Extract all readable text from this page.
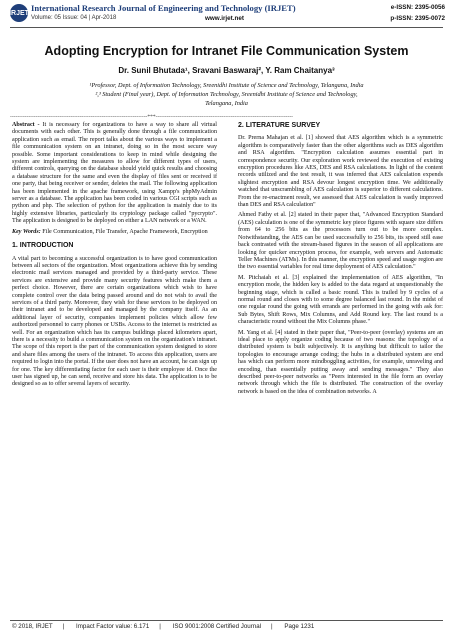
IRJET International Research Journal of Engineering and Technology (IRJET)
Volume: 05 Issue: 04 | Apr-2018	www.irjet.net
e-ISSN: 2395-0056
p-ISSN: 2395-0072
Adopting Encryption for Intranet File Communication System
Dr. Sunil Bhutada¹, Sravani Baswaraj², Y. Ram Chaitanya³
¹Professor, Dept. of Information Technology, Sreenidhi Institute of Science and Technology, Telangana, India
²,³ Student (Final year), Dept. of Information Technology, Sreenidhi Institute of Science and Technology,
Telangana, India
---------------------------------------------------------------------------***---------------------------------------------------------------------------

Abstract - It is necessary for organizations to have a way to share all virtual documents with each other. This is generally done through a file communication application such as email. The report talks about the various ways to implement a file communication system on an intranet, doing so in the most secure way possible. Some important considerations to keep in mind while designing the system are implementing the measures to allow for different types of users, different controls, querying on the database should yield quick results and choosing a database structure for the same and even the display of files sent or received if one party, that being receiver or sender, deletes the mail. The following application has been implemented in the apache framework, using Xampp's phpMyAdmin server as a database. The application has been coded in various CGI scripts such as python and php. The selection of python for the application is mainly due to its highly extensive libraries, particularly its cryptology package called "pycrypto". The application is designed to be deployed on either a LAN network or a WAN.

Key Words: File Communication, File Transfer, Apache Framework, Encryption

1. INTRODUCTION

A vital part to becoming a successful organization is to have good communication between all sectors of the organization. Most organizations achieve this by sending electronic mail services managed and provided by a third-party service. These services are extensive and provide many security features which make them a perfect choice. However, there are certain organizations which wish to have complete control over the data being passed around and do not wish to avail the services of a third party. Moreover, they wish for these services to be deployed on their intranet and to be developed and managed by the company itself. As an additional layer of security, companies implement policies which allow few authorized personnel to carry phones or USBs. Access to the internet is restricted as well. For an organization which has its campus buildings placed kilometers apart, there is a necessity to build a communication system on the organization's intranet. The scope of this report is the part of the communication system designed to store and share files among the users of the intranet. To access this application, users are required to login into the portal. If the user does not have an account, he can sign up for one. The key differentiating factor for each user is their employee id. Once the user has signed up, he can send, receive and store his data. The application is to be designed so as to offer several layers of security.

2. LITERATURE SURVEY

Dr. Prerna Mahajan et al. [1] showed that AES algorithm which is a symmetric algorithm is comparatively faster than the other algorithms such as DES algorithm and RSA algorithm. "Encryption calculation assumes essential part in correspondence security. Our exploration work reviewed the execution of existing encryption procedures like AES, DES and RSA calculations. In light of the content records utilized and the test result, it was inferred that AES calculation expends slightest encryption and RSA devour longest encryption time. We additionally watched that unscrambling of AES calculation is superior to different calculations. From the re-enactment result, we assessed that AES calculation is vastly improved than DES and RSA calculation"

Ahmed Fathy et al. [2] stated in their paper that, "Advanced Encryption Standard (AES) calculation is one of the symmetric key piece figures with square size differs from 64 to 256 bits as the processors turn out to be more complex. Notwithstanding, the AES can be used successfully to 256 bits, its speed still ease back contrasted with the stream-based figures in the season of all applications are looking for quicker encryption process, for example, web servers and Automatic Teller Machines (ATMs). In this manner, the encryption speed and usage region are the two essential variables for real time deployment of AES calculation."

M. Pitchaiah et al. [3] explained the implementation of AES algorithm, "In encryption mode, the hidden key is added to the data regard at unquestionably the beginning stage, which is called a basic round. This is trailed by 9 cycles of a normal round and closes with to some degree balanced last round. In the midst of one regular round the going with errands are performed in the going with ask for: Sub Bytes, Shift Rows, Mix Columns, and Add Round key. The last round is a characteristic round without the Mix Columns phase."

M. Yang et al. [4] stated in their paper that, "Peer-to-peer (overlay) systems are an ideal place to apply organize coding because of two reasons: the topology of a distributed system is built subjectively. It is anything but difficult to tailor the topologies to encourage arrange coding; the hubs in a distributed system are end has which can perform more mindboggling activities, for example, unraveling and encoding, than essentially putting away and sending messages." They also described peer-to-peer networks as "Peers interested in the file form an overlay network through which the file is distributed. The construction of the overlay network is based on the idea of combination networks. A

© 2018, IRJET | Impact Factor value: 6.171 | ISO 9001:2008 Certified Journal | Page 1231
